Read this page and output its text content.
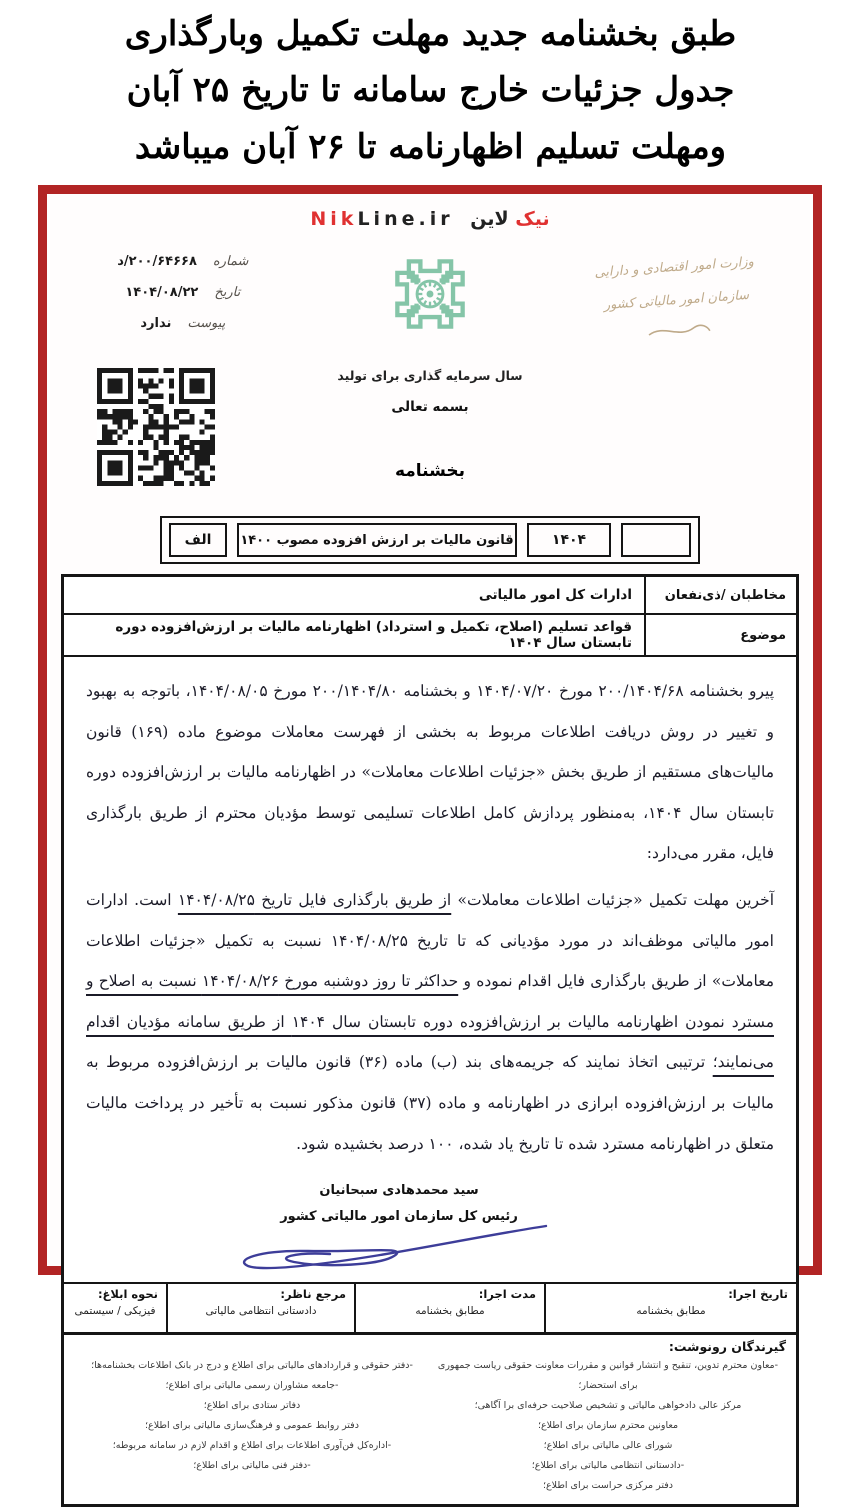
طبق بخشنامه جدید مهلت تکمیل وبارگذاری
جدول جزئیات خارج سامانه تا تاریخ ۲۵ آبان
ومهلت تسلیم اظهارنامه تا ۲۶ آبان میباشد
نیک لاین NikLine.ir
وزارت امور اقتصادی و دارایی
سازمان امور مالیاتی کشور
شماره
۲۰۰/۶۴۶۶۸/د
تاریخ
۱۴۰۴/۰۸/۲۲
پیوست
ندارد
سال سرمایه گذاری برای تولید
بسمه تعالی
بخشنامه
۱۴۰۴
قانون مالیات بر ارزش افزوده مصوب ۱۴۰۰
الف
مخاطبان /ذی‌نفعان
ادارات کل امور مالیاتی
موضوع
قواعد تسلیم (اصلاح، تکمیل و استرداد) اظهارنامه مالیات بر ارزش‌افزوده دوره تابستان سال ۱۴۰۴

پیرو بخشنامه ۲۰۰/۱۴۰۴/۶۸ مورخ ۱۴۰۴/۰۷/۲۰ و بخشنامه ۲۰۰/۱۴۰۴/۸۰ مورخ ۱۴۰۴/۰۸/۰۵، باتوجه به بهبود و تغییر در روش دریافت اطلاعات مربوط به بخشی از فهرست معاملات موضوع ماده (۱۶۹) قانون مالیات‌های مستقیم از طریق بخش «جزئیات اطلاعات معاملات» در اظهارنامه مالیات بر ارزش‌افزوده دوره تابستان سال ۱۴۰۴، به‌منظور پردازش کامل اطلاعات تسلیمی توسط مؤدیان محترم از طریق بارگذاری فایل، مقرر می‌دارد:

آخرین مهلت تکمیل «جزئیات اطلاعات معاملات» از طریق بارگذاری فایل تاریخ ۱۴۰۴/۰۸/۲۵ است. ادارات امور مالیاتی موظف‌اند در مورد مؤدیانی که تا تاریخ ۱۴۰۴/۰۸/۲۵ نسبت به تکمیل «جزئیات اطلاعات معاملات» از طریق بارگذاری فایل اقدام نموده و حداکثر تا روز دوشنبه مورخ ۱۴۰۴/۰۸/۲۶ نسبت به اصلاح و مسترد نمودن اظهارنامه مالیات بر ارزش‌افزوده دوره تابستان سال ۱۴۰۴ از طریق سامانه مؤدیان اقدام می‌نمایند؛ ترتیبی اتخاذ نمایند که جریمه‌های بند (ب) ماده (۳۶) قانون مالیات بر ارزش‌افزوده مربوط به مالیات بر ارزش‌افزوده ابرازی در اظهارنامه و ماده (۳۷) قانون مذکور نسبت به تأخیر در پرداخت مالیات متعلق در اظهارنامه مسترد شده تا تاریخ یاد شده، ۱۰۰ درصد بخشیده شود.

سید محمدهادی سبحانیان
رئیس کل سازمان امور مالیاتی کشور
تاریخ اجرا:
مطابق بخشنامه
مدت اجرا:
مطابق بخشنامه
مرجع ناظر:
دادستانی انتظامی مالیاتی
نحوه ابلاغ:
فیزیکی / سیستمی
گیرندگان رونوشت:
-معاون محترم تدوین، تنقیح و انتشار قوانین و مقررات معاونت حقوقی ریاست جمهوری برای استحضار؛
مرکز عالی دادخواهی مالیاتی و تشخیص صلاحیت حرفه‌ای برا آگاهی؛
معاونین محترم سازمان برای اطلاع؛
شورای عالی مالیاتی برای اطلاع؛
-دادستانی انتظامی مالیاتی برای اطلاع؛
دفتر مرکزی حراست برای اطلاع؛
-دفتر حقوقی و قراردادهای مالیاتی برای اطلاع و درج در بانک اطلاعات بخشنامه‌ها؛
-جامعه مشاوران رسمی مالیاتی برای اطلاع؛
دفاتر ستادی برای اطلاع؛
دفتر روابط عمومی و فرهنگ‌سازی مالیاتی برای اطلاع؛
-اداره‌کل فن‌آوری اطلاعات برای اطلاع و اقدام لازم در سامانه مربوطه؛
-دفتر فنی مالیاتی برای اطلاع؛
